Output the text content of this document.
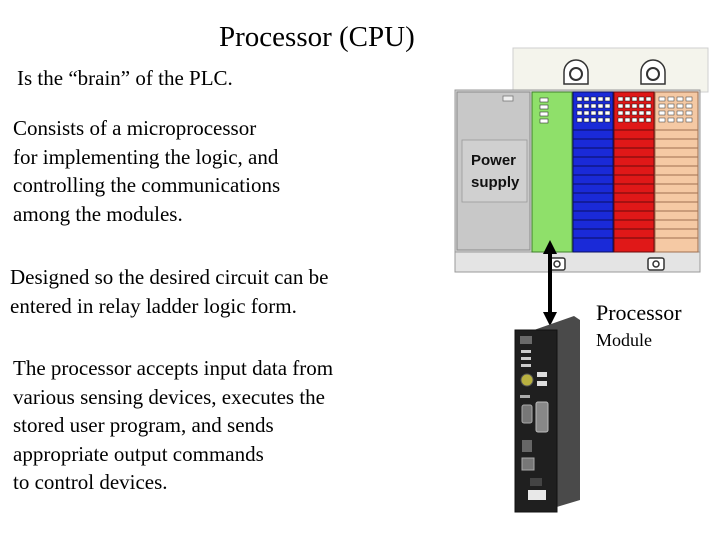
Processor (CPU)
Is the “brain” of the PLC.
Consists of a microprocessor
for implementing the logic, and
controlling the communications
among the modules.
Designed so the desired circuit can be
entered in relay ladder logic form.
The processor accepts input data from
various sensing devices, executes the
stored user program, and sends
appropriate output commands
to control devices.
Power
supply
Processor
Module
